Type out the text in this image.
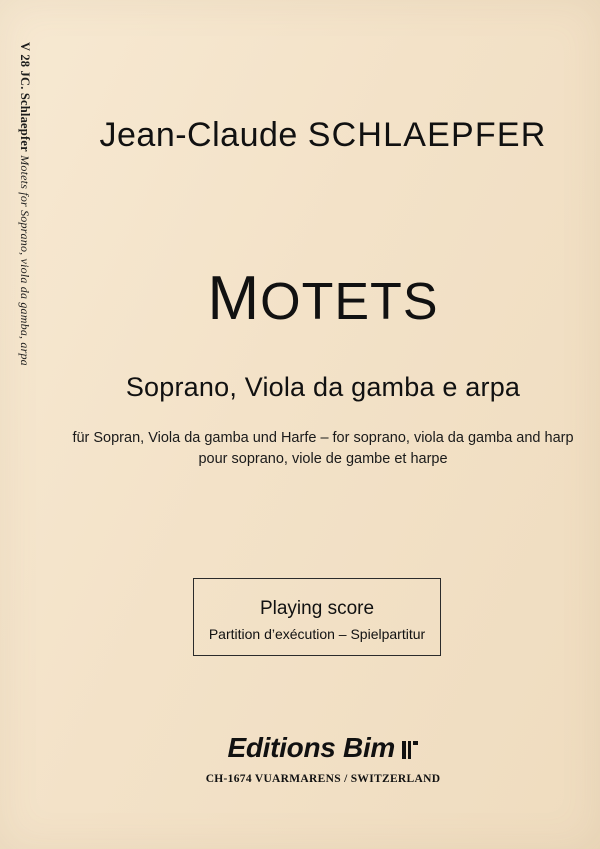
V 28 JC. Schlaepfer Motets for Soprano, viola da gamba, arpa
Jean-Claude SCHLAEPFER
MOTETS
Soprano, Viola da gamba e arpa
für Sopran, Viola da gamba und Harfe – for soprano, viola da gamba and harp
pour soprano, viole de gambe et harpe
Playing score
Partition d’exécution – Spielpartitur
Editions Bim
CH-1674 VUARMARENS / SWITZERLAND
